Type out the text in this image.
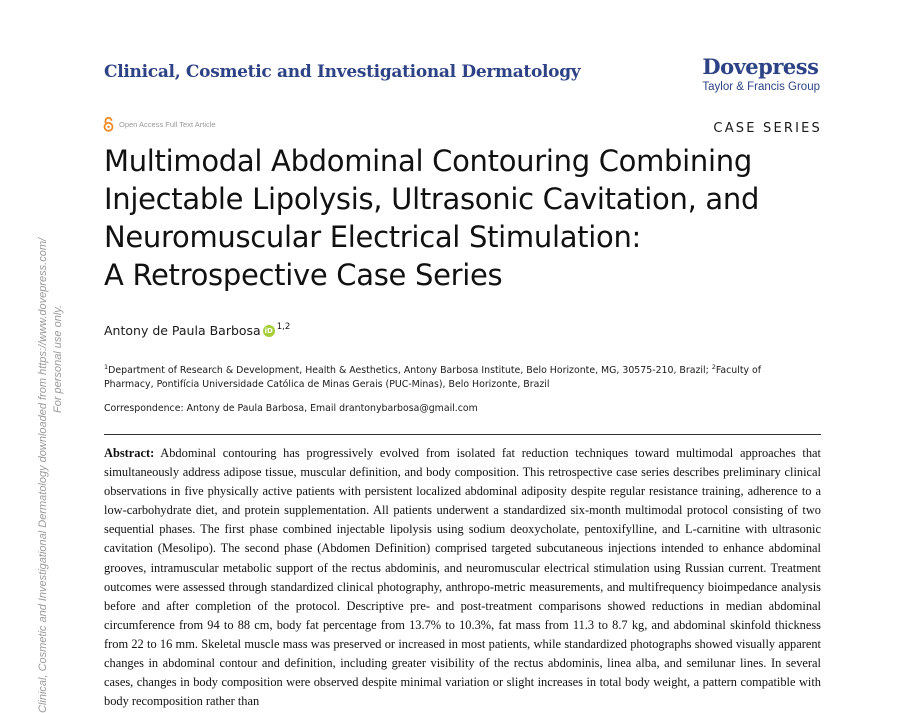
Clinical, Cosmetic and Investigational Dermatology downloaded from https://www.dovepress.com/ For personal use only.
Clinical, Cosmetic and Investigational Dermatology	Dovepress
Taylor & Francis Group
Open Access Full Text Article	CASE SERIES
Multimodal Abdominal Contouring Combining
Injectable Lipolysis, Ultrasonic Cavitation, and
Neuromuscular Electrical Stimulation:
A Retrospective Case Series
Antony de Paula Barbosa iD $^{1,2}$
$^1$Department of Research & Development, Health & Aesthetics, Antony Barbosa Institute, Belo Horizonte, MG, 30575-210, Brazil; $^2$Faculty of Pharmacy, Pontifícia Universidade Católica de Minas Gerais (PUC-Minas), Belo Horizonte, Brazil
Correspondence: Antony de Paula Barbosa, Email drantonybarbosa@gmail.com
Abstract: Abdominal contouring has progressively evolved from isolated fat reduction techniques toward multimodal approaches that simultaneously address adipose tissue, muscular definition, and body composition. This retrospective case series describes preliminary clinical observations in five physically active patients with persistent localized abdominal adiposity despite regular resistance training, adherence to a low-carbohydrate diet, and protein supplementation. All patients underwent a standardized six-month multimodal protocol consisting of two sequential phases. The first phase combined injectable lipolysis using sodium deoxycholate, pentoxifylline, and L-carnitine with ultrasonic cavitation (Mesolipo). The second phase (Abdomen Definition) comprised targeted subcutaneous injections intended to enhance abdominal grooves, intramuscular metabolic support of the rectus abdominis, and neuromuscular electrical stimulation using Russian current. Treatment outcomes were assessed through standardized clinical photography, anthropo-metric measurements, and multifrequency bioimpedance analysis before and after completion of the protocol. Descriptive pre- and post-treatment comparisons showed reductions in median abdominal circumference from 94 to 88 cm, body fat percentage from 13.7% to 10.3%, fat mass from 11.3 to 8.7 kg, and abdominal skinfold thickness from 22 to 16 mm. Skeletal muscle mass was preserved or increased in most patients, while standardized photographs showed visually apparent changes in abdominal contour and definition, including greater visibility of the rectus abdominis, linea alba, and semilunar lines. In several cases, changes in body composition were observed despite minimal variation or slight increases in total body weight, a pattern compatible with body recomposition rather than
